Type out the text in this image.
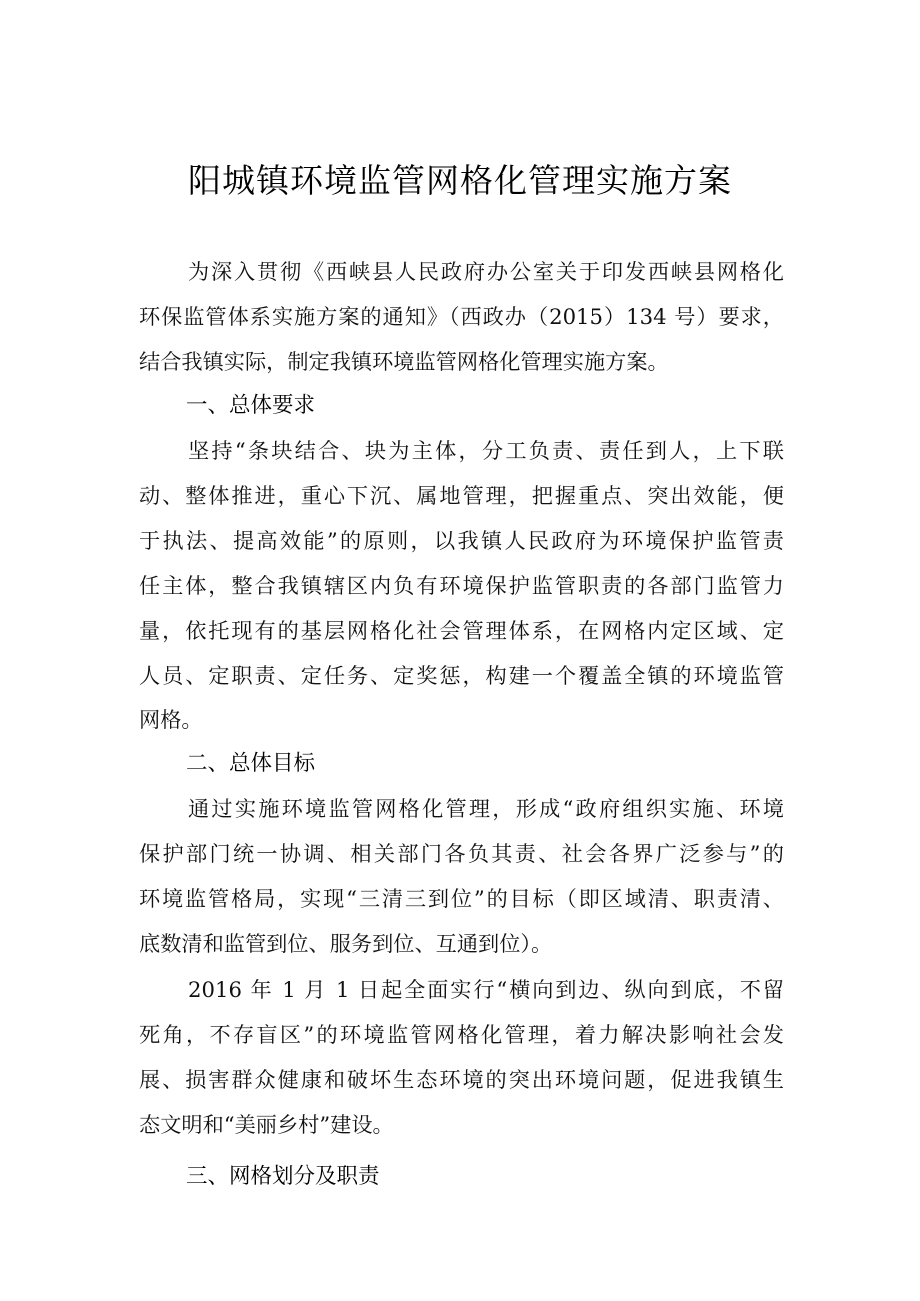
阳城镇环境监管网格化管理实施方案
为深入贯彻《西峡县人民政府办公室关于印发西峡县网格化
环保监管体系实施方案的通知》（西政办（2015）134 号）要求，
结合我镇实际，制定我镇环境监管网格化管理实施方案。
一、总体要求
坚持“条块结合、块为主体，分工负责、责任到人，上下联
动、整体推进，重心下沉、属地管理，把握重点、突出效能，便
于执法、提高效能”的原则，以我镇人民政府为环境保护监管责
任主体，整合我镇辖区内负有环境保护监管职责的各部门监管力
量，依托现有的基层网格化社会管理体系，在网格内定区域、定
人员、定职责、定任务、定奖惩，构建一个覆盖全镇的环境监管
网格。
二、总体目标
通过实施环境监管网格化管理，形成“政府组织实施、环境
保护部门统一协调、相关部门各负其责、社会各界广泛参与”的
环境监管格局，实现“三清三到位”的目标（即区域清、职责清、
底数清和监管到位、服务到位、互通到位）。
2016 年 1 月 1 日起全面实行“横向到边、纵向到底，不留
死角，不存盲区”的环境监管网格化管理，着力解决影响社会发
展、损害群众健康和破坏生态环境的突出环境问题，促进我镇生
态文明和“美丽乡村”建设。
三、网格划分及职责
